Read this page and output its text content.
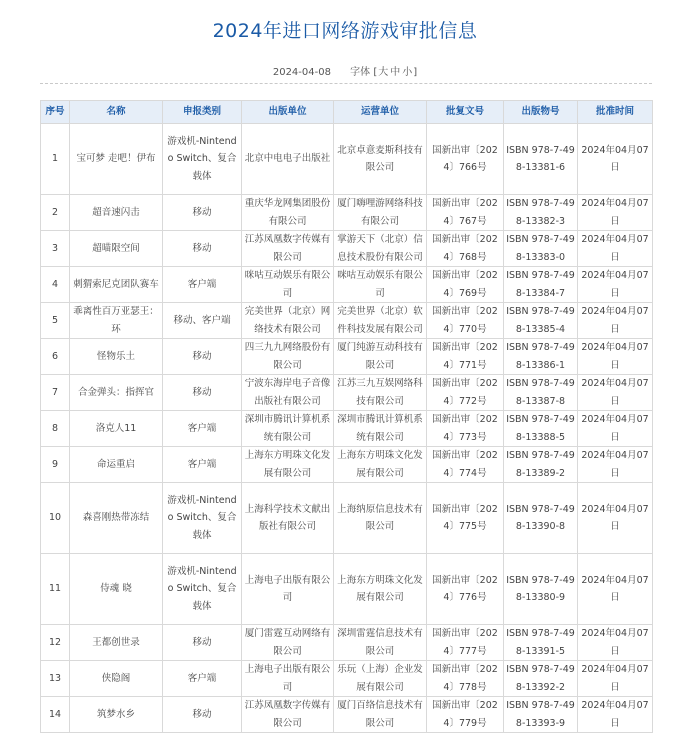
2024年进口网络游戏审批信息
2024-04-08 字体 [大 中 小]
序号	名称	申报类别	出版单位	运营单位	批复文号	出版物号	批准时间
1	宝可梦 走吧！伊布	游戏机-Nintendo Switch、复合载体	北京中电电子出版社	北京卓意麦斯科技有限公司	国新出审〔2024〕766号	ISBN 978-7-498-13381-6	2024年04月07日
2	超音速闪击	移动	重庆华龙网集团股份有限公司	厦门嗨哩游网络科技有限公司	国新出审〔2024〕767号	ISBN 978-7-498-13382-3	2024年04月07日
3	超喵限空间	移动	江苏凤凰数字传媒有限公司	掌游天下（北京）信息技术股份有限公司	国新出审〔2024〕768号	ISBN 978-7-498-13383-0	2024年04月07日
4	刺猬索尼克团队赛车	客户端	咪咕互动娱乐有限公司	咪咕互动娱乐有限公司	国新出审〔2024〕769号	ISBN 978-7-498-13384-7	2024年04月07日
5	乖离性百万亚瑟王：环	移动、客户端	完美世界（北京）网络技术有限公司	完美世界（北京）软件科技发展有限公司	国新出审〔2024〕770号	ISBN 978-7-498-13385-4	2024年04月07日
6	怪物乐土	移动	四三九九网络股份有限公司	厦门纯游互动科技有限公司	国新出审〔2024〕771号	ISBN 978-7-498-13386-1	2024年04月07日
7	合金弹头：指挥官	移动	宁波东海岸电子音像出版社有限公司	江苏三九互娱网络科技有限公司	国新出审〔2024〕772号	ISBN 978-7-498-13387-8	2024年04月07日
8	洛克人11	客户端	深圳市腾讯计算机系统有限公司	深圳市腾讯计算机系统有限公司	国新出审〔2024〕773号	ISBN 978-7-498-13388-5	2024年04月07日
9	命运重启	客户端	上海东方明珠文化发展有限公司	上海东方明珠文化发展有限公司	国新出审〔2024〕774号	ISBN 978-7-498-13389-2	2024年04月07日
10	森喜刚热带冻结	游戏机-Nintendo Switch、复合载体	上海科学技术文献出版社有限公司	上海纳原信息技术有限公司	国新出审〔2024〕775号	ISBN 978-7-498-13390-8	2024年04月07日
11	侍魂 晓	游戏机-Nintendo Switch、复合载体	上海电子出版有限公司	上海东方明珠文化发展有限公司	国新出审〔2024〕776号	ISBN 978-7-498-13380-9	2024年04月07日
12	王都创世录	移动	厦门雷霆互动网络有限公司	深圳雷霆信息技术有限公司	国新出审〔2024〕777号	ISBN 978-7-498-13391-5	2024年04月07日
13	侠隐阁	客户端	上海电子出版有限公司	乐玩（上海）企业发展有限公司	国新出审〔2024〕778号	ISBN 978-7-498-13392-2	2024年04月07日
14	筑梦水乡	移动	江苏凤凰数字传媒有限公司	厦门百络信息技术有限公司	国新出审〔2024〕779号	ISBN 978-7-498-13393-9	2024年04月07日
